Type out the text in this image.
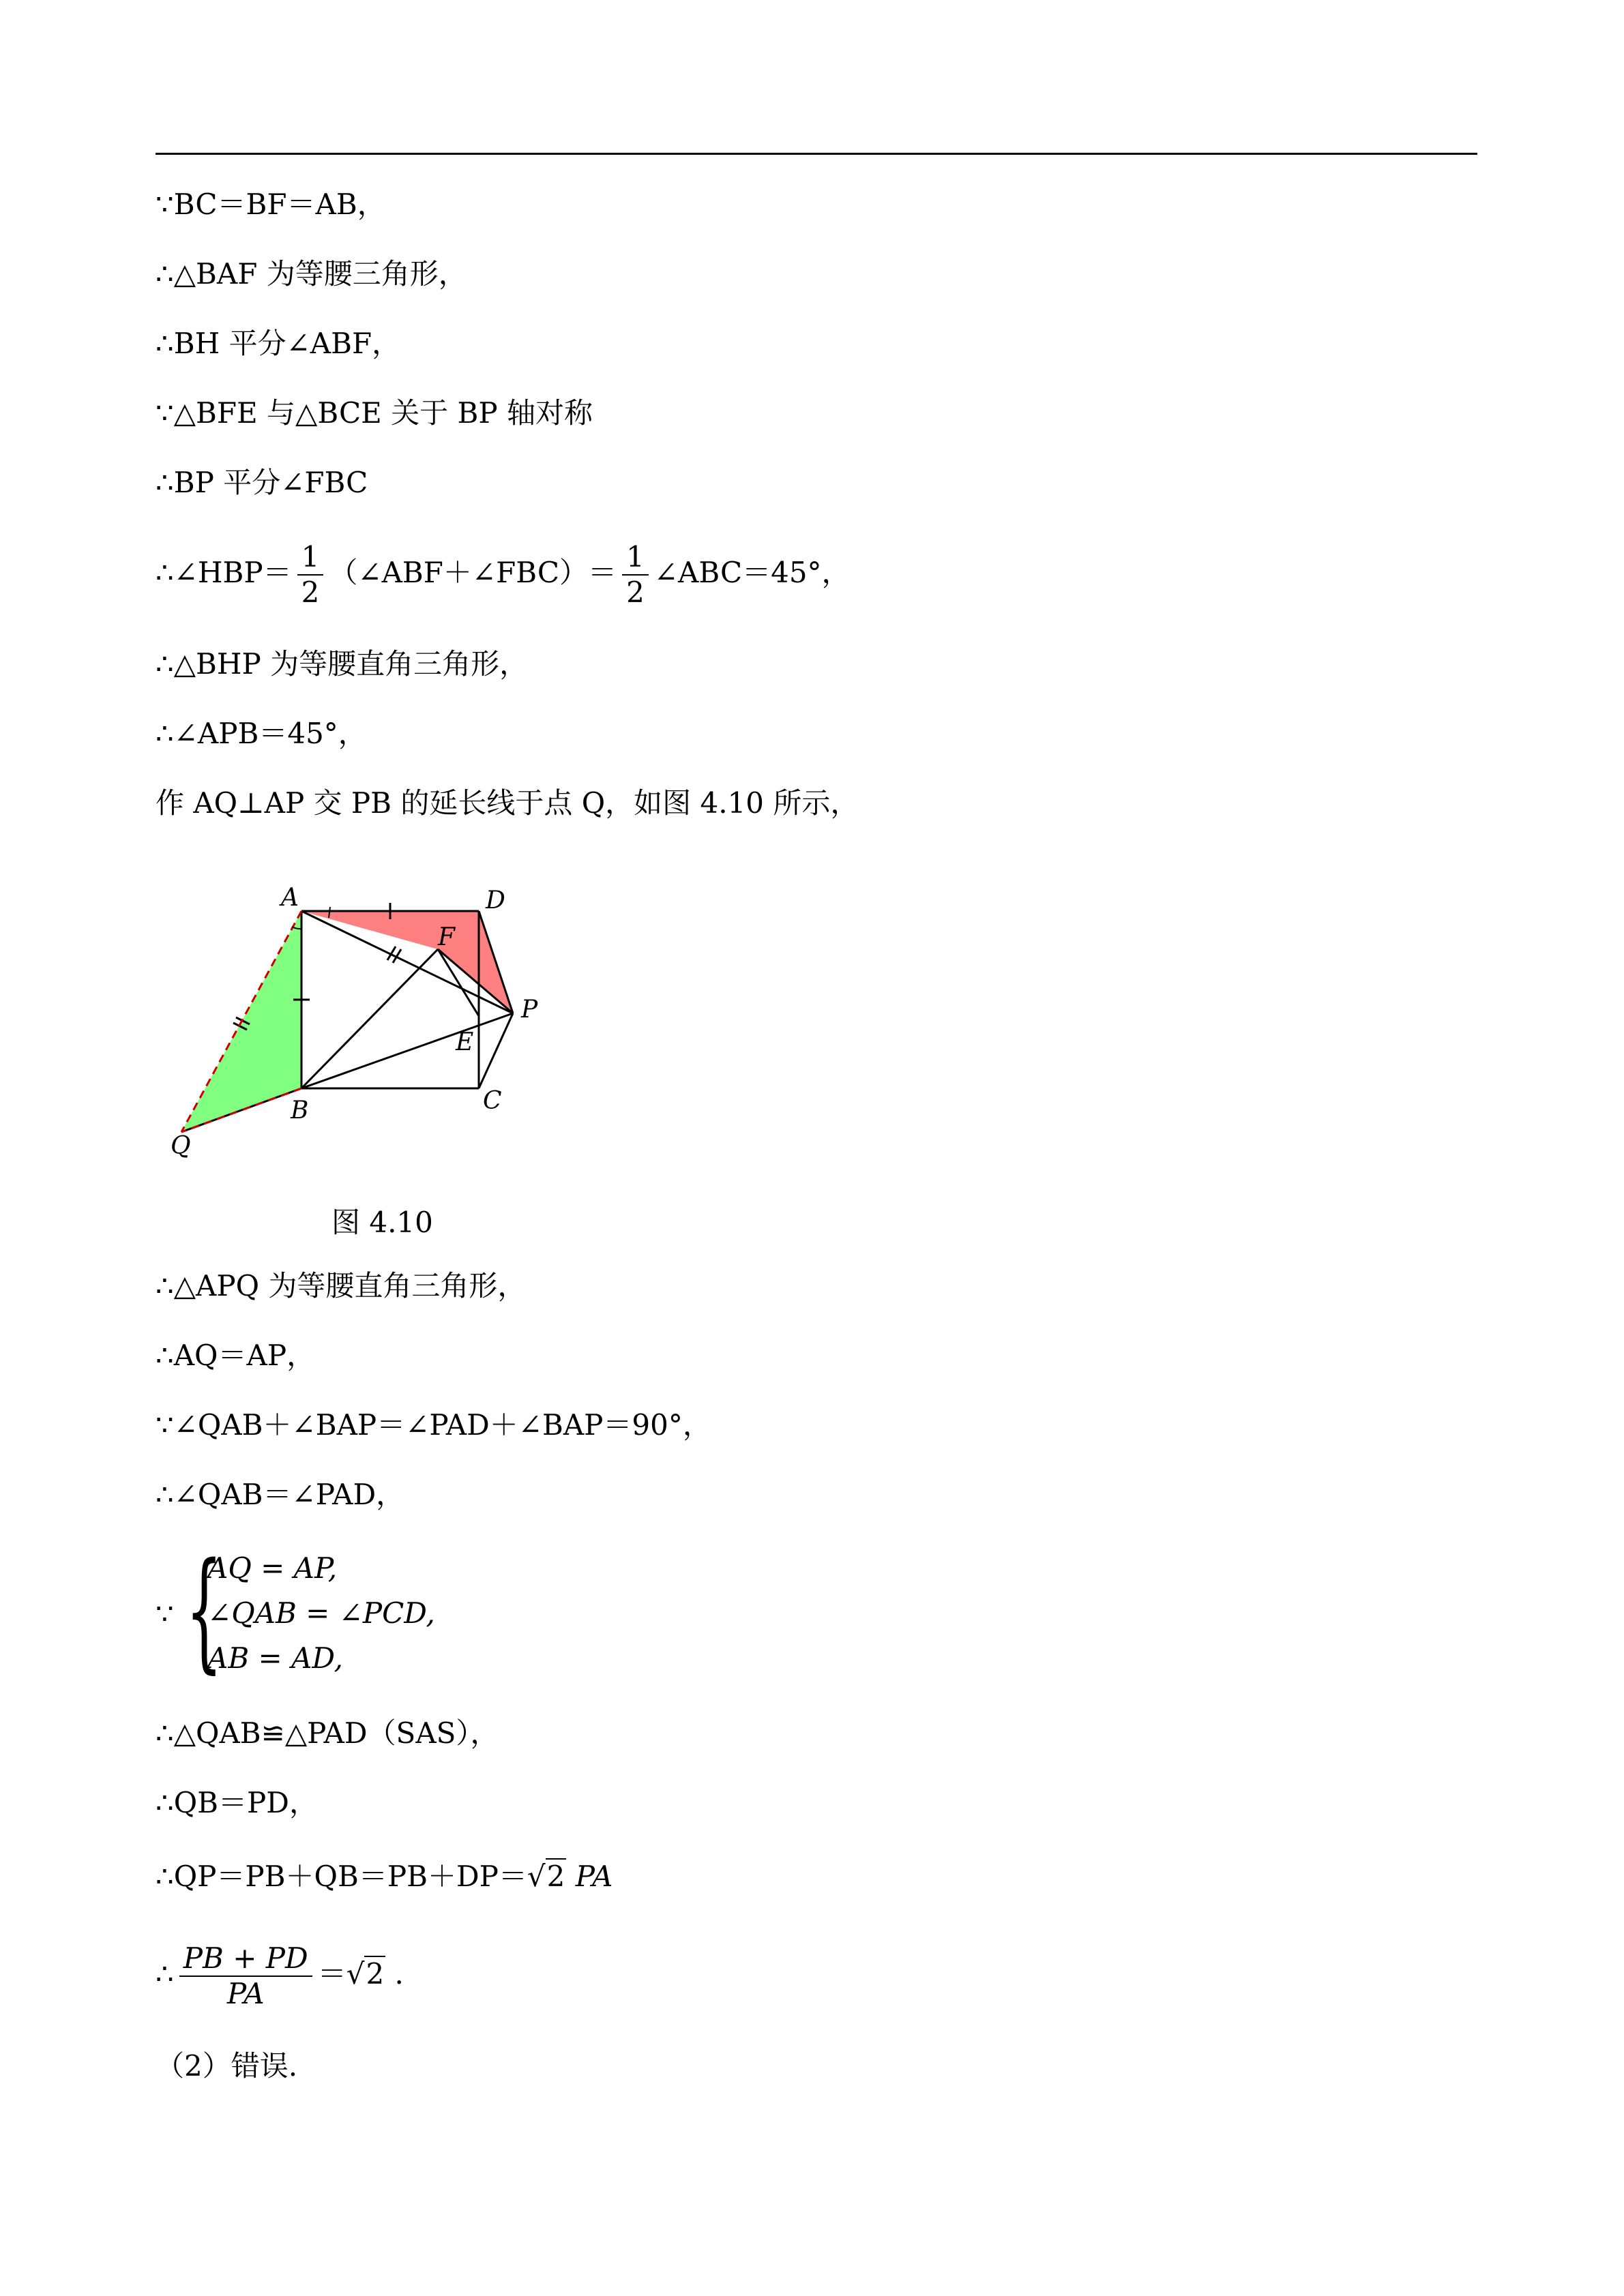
∵BC＝BF＝AB，
∴△BAF 为等腰三角形，
∴BH 平分∠ABF，
∵△BFE 与△BCE 关于 BP 轴对称
∴BP 平分∠FBC
∴∠HBP＝ $\frac{1}{2}$ （∠ABF＋∠FBC）＝ $\frac{1}{2}$ ∠ABC＝45°，
∴△BHP 为等腰直角三角形，
∴∠APB＝45°，
作 AQ⊥AP 交 PB 的延长线于点 Q，如图 4.10 所示，
A	D
F
P
E
B	C
Q
图 4.10
∴△APQ 为等腰直角三角形，
∴AQ＝AP，
∵∠QAB＋∠BAP＝∠PAD＋∠BAP＝90°，
∴∠QAB＝∠PAD，
∵ {
AQ = AP,
∠QAB = ∠PCD,
AB = AD,
∴△QAB≌△PAD（SAS），
∴QB＝PD，
∴QP＝PB＋QB＝PB＋DP＝√2 PA
∴ $\frac{PB + PD}{PA} =√2$ .
（2）错误.
